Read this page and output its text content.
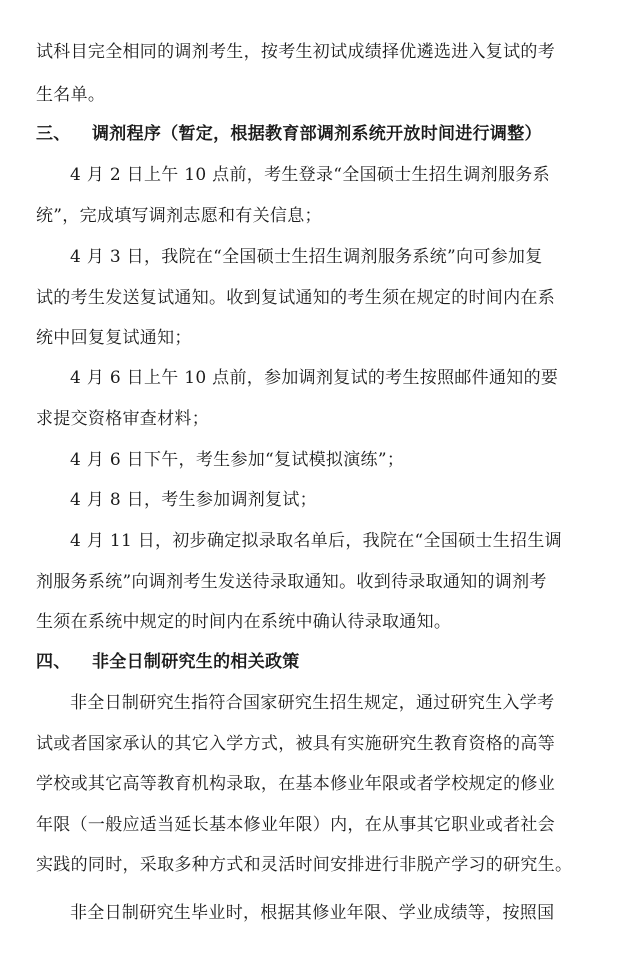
试科目完全相同的调剂考生，按考生初试成绩择优遴选进入复试的考
生名单。
三、 调剂程序（暂定，根据教育部调剂系统开放时间进行调整）
4 月 2 日上午 10 点前，考生登录“全国硕士生招生调剂服务系
统”，完成填写调剂志愿和有关信息；
4 月 3 日，我院在“全国硕士生招生调剂服务系统”向可参加复
试的考生发送复试通知。收到复试通知的考生须在规定的时间内在系
统中回复复试通知；
4 月 6 日上午 10 点前，参加调剂复试的考生按照邮件通知的要
求提交资格审查材料；
4 月 6 日下午，考生参加“复试模拟演练”；
4 月 8 日，考生参加调剂复试；
4 月 11 日，初步确定拟录取名单后，我院在“全国硕士生招生调
剂服务系统”向调剂考生发送待录取通知。收到待录取通知的调剂考
生须在系统中规定的时间内在系统中确认待录取通知。
四、 非全日制研究生的相关政策
非全日制研究生指符合国家研究生招生规定，通过研究生入学考
试或者国家承认的其它入学方式，被具有实施研究生教育资格的高等
学校或其它高等教育机构录取，在基本修业年限或者学校规定的修业
年限（一般应适当延长基本修业年限）内，在从事其它职业或者社会
实践的同时，采取多种方式和灵活时间安排进行非脱产学习的研究生。
非全日制研究生毕业时，根据其修业年限、学业成绩等，按照国
